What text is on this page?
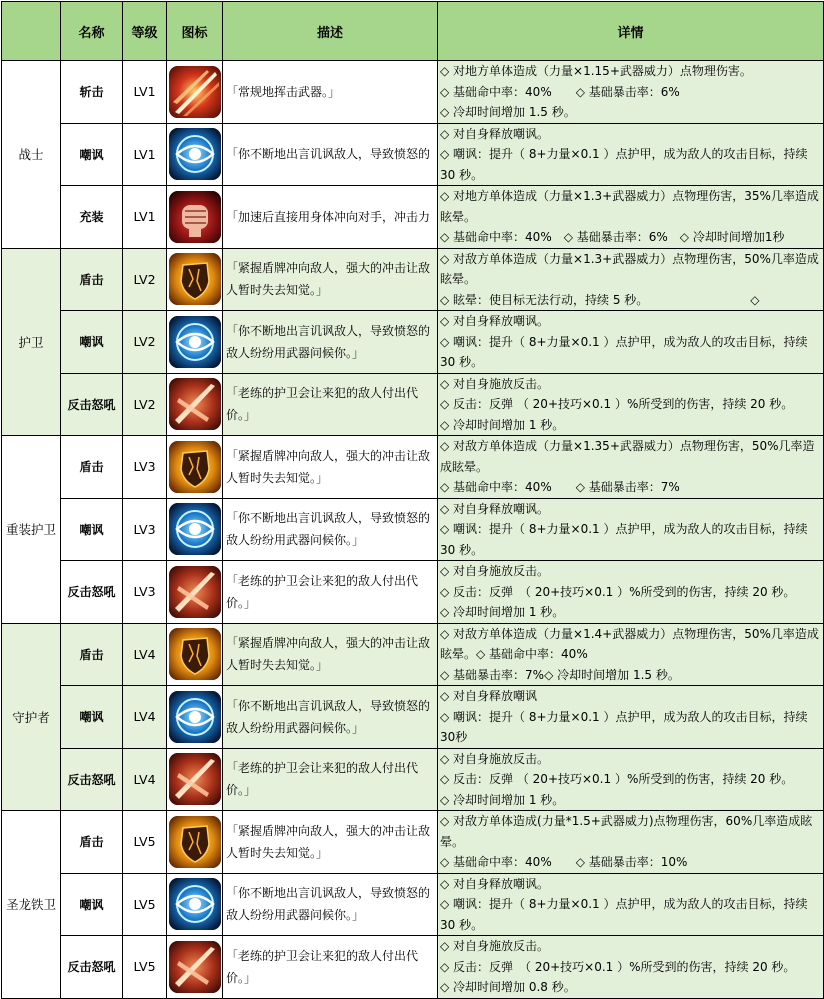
	名称	等级	图标	描述	详情
战士	斩击	LV1		「常规地挥击武器。」	◇ 对地方单体造成（力量×1.15+武器威力）点物理伤害。
◇ 基础命中率：40%　　◇ 基础暴击率：6%
◇ 冷却时间增加 1.5 秒。

	嘲讽	LV1		「你不断地出言讥讽敌人，导致愤怒的	◇ 对自身释放嘲讽。
◇ 嘲讽：提升（ 8+力量×0.1 ）点护甲，成为敌人的攻击目标，持续 30 秒。

	充装	LV1		「加速后直接用身体冲向对手，冲击力	◇ 对地方单体造成（力量×1.3+武器威力）点物理伤害，35%几率造成眩晕。
◇ 基础命中率：40%　◇ 基础暴击率：6%　◇ 冷却时间增加1秒

护卫	盾击	LV2		「紧握盾牌冲向敌人，强大的冲击让敌人暂时失去知觉。」	◇ 对敌方单体造成（力量×1.3+武器威力）点物理伤害，50%几率造成眩晕。
◇ 眩晕：使目标无法行动，持续 5 秒。　　　　　　　　　◇

	嘲讽	LV2		「你不断地出言讥讽敌人，导致愤怒的敌人纷纷用武器问候你。」	◇ 对自身释放嘲讽。
◇ 嘲讽：提升（ 8+力量×0.1 ）点护甲，成为敌人的攻击目标，持续 30 秒。

	反击怒吼	LV2		「老练的护卫会让来犯的敌人付出代价。」	◇ 对自身施放反击。
◇ 反击：反弹 （ 20+技巧×0.1 ）%所受到的伤害，持续 20 秒。
◇ 冷却时间增加 1 秒。

重装护卫	盾击	LV3		「紧握盾牌冲向敌人，强大的冲击让敌人暂时失去知觉。」	◇ 对敌方单体造成（力量×1.35+武器威力）点物理伤害，50%几率造成眩晕。
◇ 基础命中率：40%　　◇ 基础暴击率：7%

	嘲讽	LV3		「你不断地出言讥讽敌人，导致愤怒的敌人纷纷用武器问候你。」	◇ 对自身释放嘲讽。
◇ 嘲讽：提升（ 8+力量×0.1 ）点护甲，成为敌人的攻击目标，持续 30 秒。

	反击怒吼	LV3		「老练的护卫会让来犯的敌人付出代价。」	◇ 对自身施放反击。
◇ 反击：反弹　（ 20+技巧×0.1 ）%所受到的伤害，持续 20 秒。
◇ 冷却时间增加 1 秒。

守护者	盾击	LV4		「紧握盾牌冲向敌人，强大的冲击让敌人暂时失去知觉。」	◇ 对敌方单体造成（力量×1.4+武器威力）点物理伤害，50%几率造成眩晕。◇ 基础命中率：40%
◇ 基础暴击率：7%◇ 冷却时间增加 1.5 秒。

	嘲讽	LV4		「你不断地出言讥讽敌人，导致愤怒的敌人纷纷用武器问候你。」	◇ 对自身释放嘲讽
◇ 嘲讽：提升（ 8+力量×0.1 ）点护甲，成为敌人的攻击目标，持续30秒

	反击怒吼	LV4		「老练的护卫会让来犯的敌人付出代价。」	◇ 对自身施放反击。
◇ 反击：反弹 （ 20+技巧×0.1 ）%所受到的伤害，持续 20 秒。
◇ 冷却时间增加 1 秒。

圣龙铁卫	盾击	LV5		「紧握盾牌冲向敌人，强大的冲击让敌人暂时失去知觉。」	◇ 对敌方单体造成(力量*1.5+武器威力)点物理伤害，60%几率造成眩晕。
◇ 基础命中率：40%　　◇ 基础暴击率：10%

	嘲讽	LV5		「你不断地出言讥讽敌人，导致愤怒的敌人纷纷用武器问候你。」	◇ 对自身释放嘲讽。
◇ 嘲讽：提升（ 8+力量×0.1 ）点护甲，成为敌人的攻击目标，持续 30 秒。

	反击怒吼	LV5		「老练的护卫会让来犯的敌人付出代价。」	◇ 对自身施放反击。
◇ 反击：反弹　（ 20+技巧×0.1 ）%所受到的伤害，持续 20 秒。
◇ 冷却时间增加 0.8 秒。
